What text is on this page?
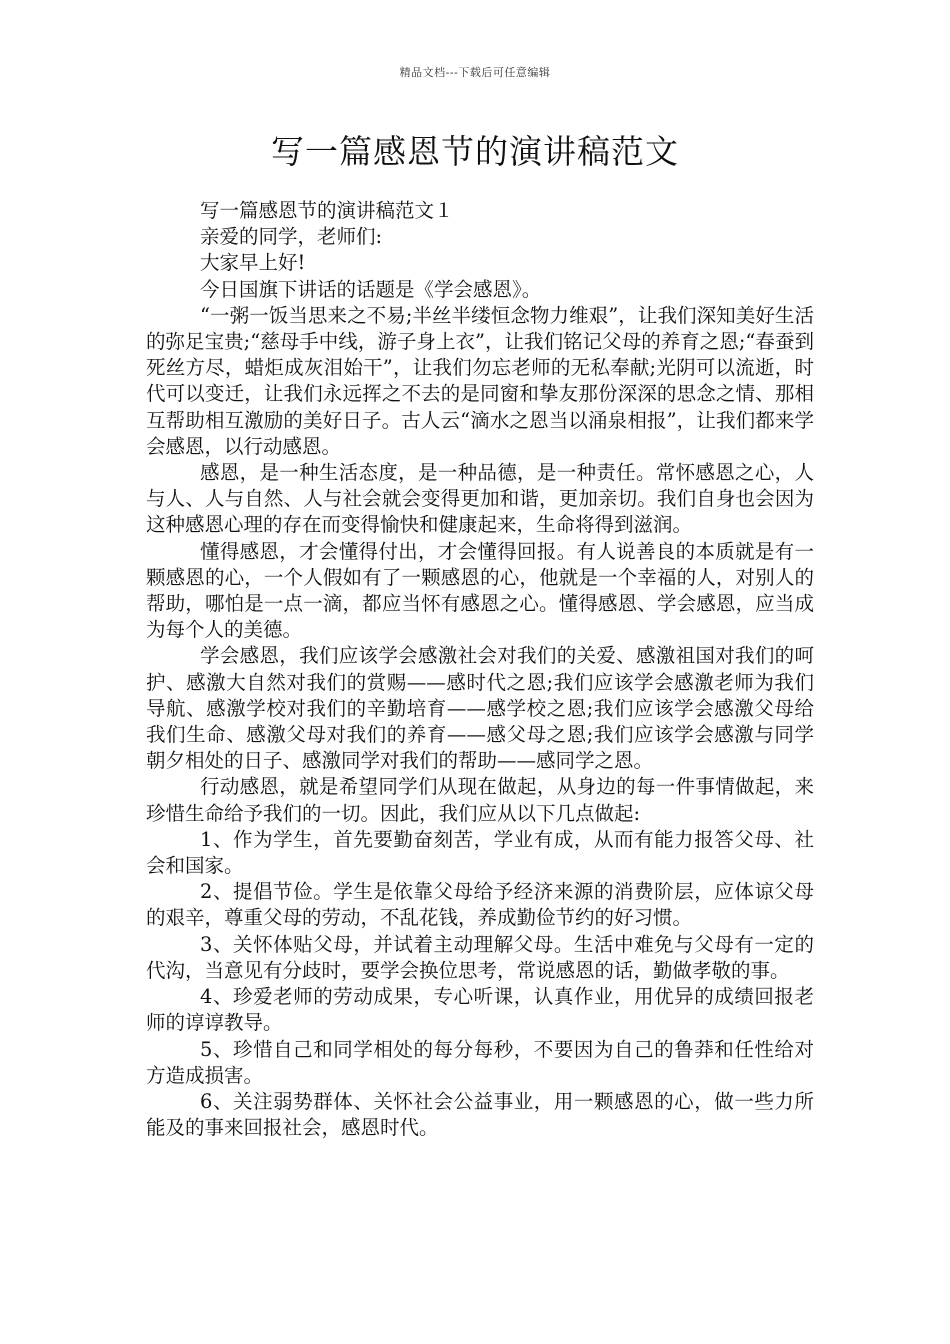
精品文档---下载后可任意编辑
写一篇感恩节的演讲稿范文

写一篇感恩节的演讲稿范文１

亲爱的同学，老师们:

大家早上好!

今日国旗下讲话的话题是《学会感恩》。

“一粥一饭当思来之不易;半丝半缕恒念物力维艰”，让我们深知美好生活的弥足宝贵;“慈母手中线，游子身上衣”，让我们铭记父母的养育之恩;“春蚕到死丝方尽，蜡炬成灰泪始干”，让我们勿忘老师的无私奉献;光阴可以流逝，时代可以变迁，让我们永远挥之不去的是同窗和挚友那份深深的思念之情、那相互帮助相互激励的美好日子。古人云“滴水之恩当以涌泉相报”，让我们都来学会感恩，以行动感恩。

感恩，是一种生活态度，是一种品德，是一种责任。常怀感恩之心，人与人、人与自然、人与社会就会变得更加和谐，更加亲切。我们自身也会因为这种感恩心理的存在而变得愉快和健康起来，生命将得到滋润。

懂得感恩，才会懂得付出，才会懂得回报。有人说善良的本质就是有一颗感恩的心，一个人假如有了一颗感恩的心，他就是一个幸福的人，对别人的帮助，哪怕是一点一滴，都应当怀有感恩之心。懂得感恩、学会感恩，应当成为每个人的美德。

学会感恩，我们应该学会感激社会对我们的关爱、感激祖国对我们的呵护、感激大自然对我们的赏赐——感时代之恩;我们应该学会感激老师为我们导航、感激学校对我们的辛勤培育——感学校之恩;我们应该学会感激父母给我们生命、感激父母对我们的养育——感父母之恩;我们应该学会感激与同学朝夕相处的日子、感激同学对我们的帮助——感同学之恩。

行动感恩，就是希望同学们从现在做起，从身边的每一件事情做起，来珍惜生命给予我们的一切。因此，我们应从以下几点做起:

1、作为学生，首先要勤奋刻苦，学业有成，从而有能力报答父母、社会和国家。

2、提倡节俭。学生是依靠父母给予经济来源的消费阶层，应体谅父母的艰辛，尊重父母的劳动，不乱花钱，养成勤俭节约的好习惯。

3、关怀体贴父母，并试着主动理解父母。生活中难免与父母有一定的代沟，当意见有分歧时，要学会换位思考，常说感恩的话，勤做孝敬的事。

4、珍爱老师的劳动成果，专心听课，认真作业，用优异的成绩回报老师的谆谆教导。

5、珍惜自己和同学相处的每分每秒，不要因为自己的鲁莽和任性给对方造成损害。

6、关注弱势群体、关怀社会公益事业，用一颗感恩的心，做一些力所能及的事来回报社会，感恩时代。
